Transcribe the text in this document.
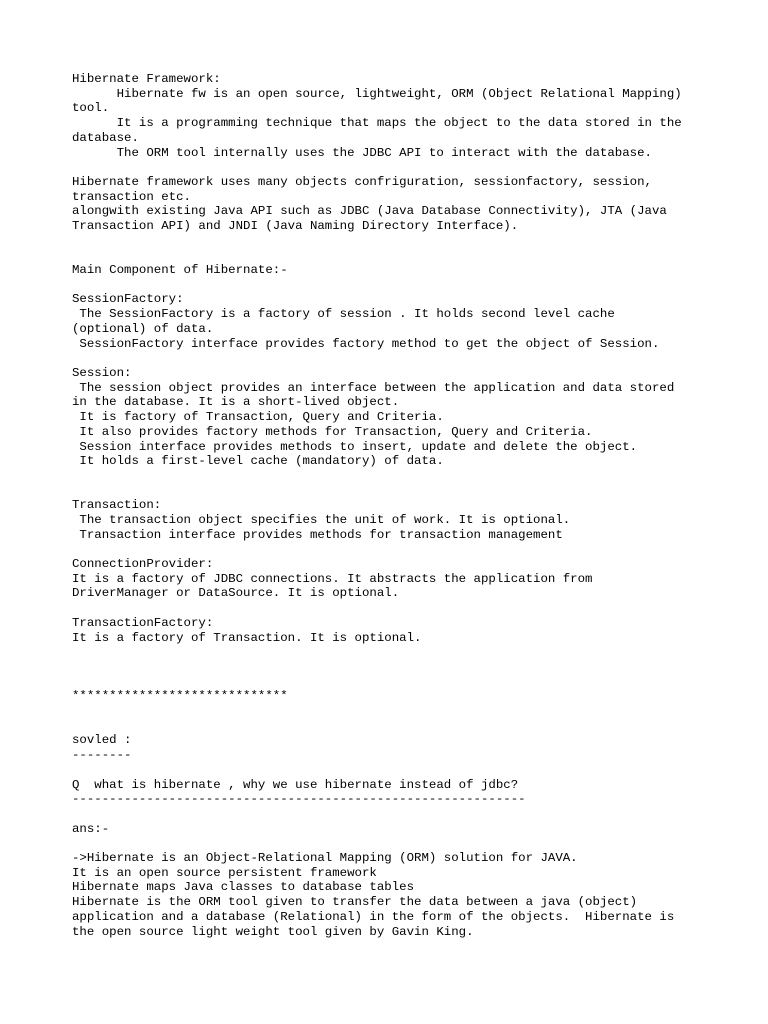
Hibernate Framework:
Hibernate fw is an open source, lightweight, ORM (Object Relational Mapping)
tool.
It is a programming technique that maps the object to the data stored in the
database.
The ORM tool internally uses the JDBC API to interact with the database.
Hibernate framework uses many objects confriguration, sessionfactory, session,
transaction etc.
alongwith existing Java API such as JDBC (Java Database Connectivity), JTA (Java
Transaction API) and JNDI (Java Naming Directory Interface).
Main Component of Hibernate:-
SessionFactory:
The SessionFactory is a factory of session . It holds second level cache
(optional) of data.
SessionFactory interface provides factory method to get the object of Session.
Session:
The session object provides an interface between the application and data stored
in the database. It is a short-lived object.
It is factory of Transaction, Query and Criteria.
It also provides factory methods for Transaction, Query and Criteria.
Session interface provides methods to insert, update and delete the object.
It holds a first-level cache (mandatory) of data.
Transaction:
The transaction object specifies the unit of work. It is optional.
Transaction interface provides methods for transaction management
ConnectionProvider:
It is a factory of JDBC connections. It abstracts the application from
DriverManager or DataSource. It is optional.
TransactionFactory:
It is a factory of Transaction. It is optional.
*****************************
sovled :
--------
Q  what is hibernate , why we use hibernate instead of jdbc?
-------------------------------------------------------------
ans:-
->Hibernate is an Object-Relational Mapping (ORM) solution for JAVA.
It is an open source persistent framework
Hibernate maps Java classes to database tables
Hibernate is the ORM tool given to transfer the data between a java (object)
application and a database (Relational) in the form of the objects.  Hibernate is
the open source light weight tool given by Gavin King.
